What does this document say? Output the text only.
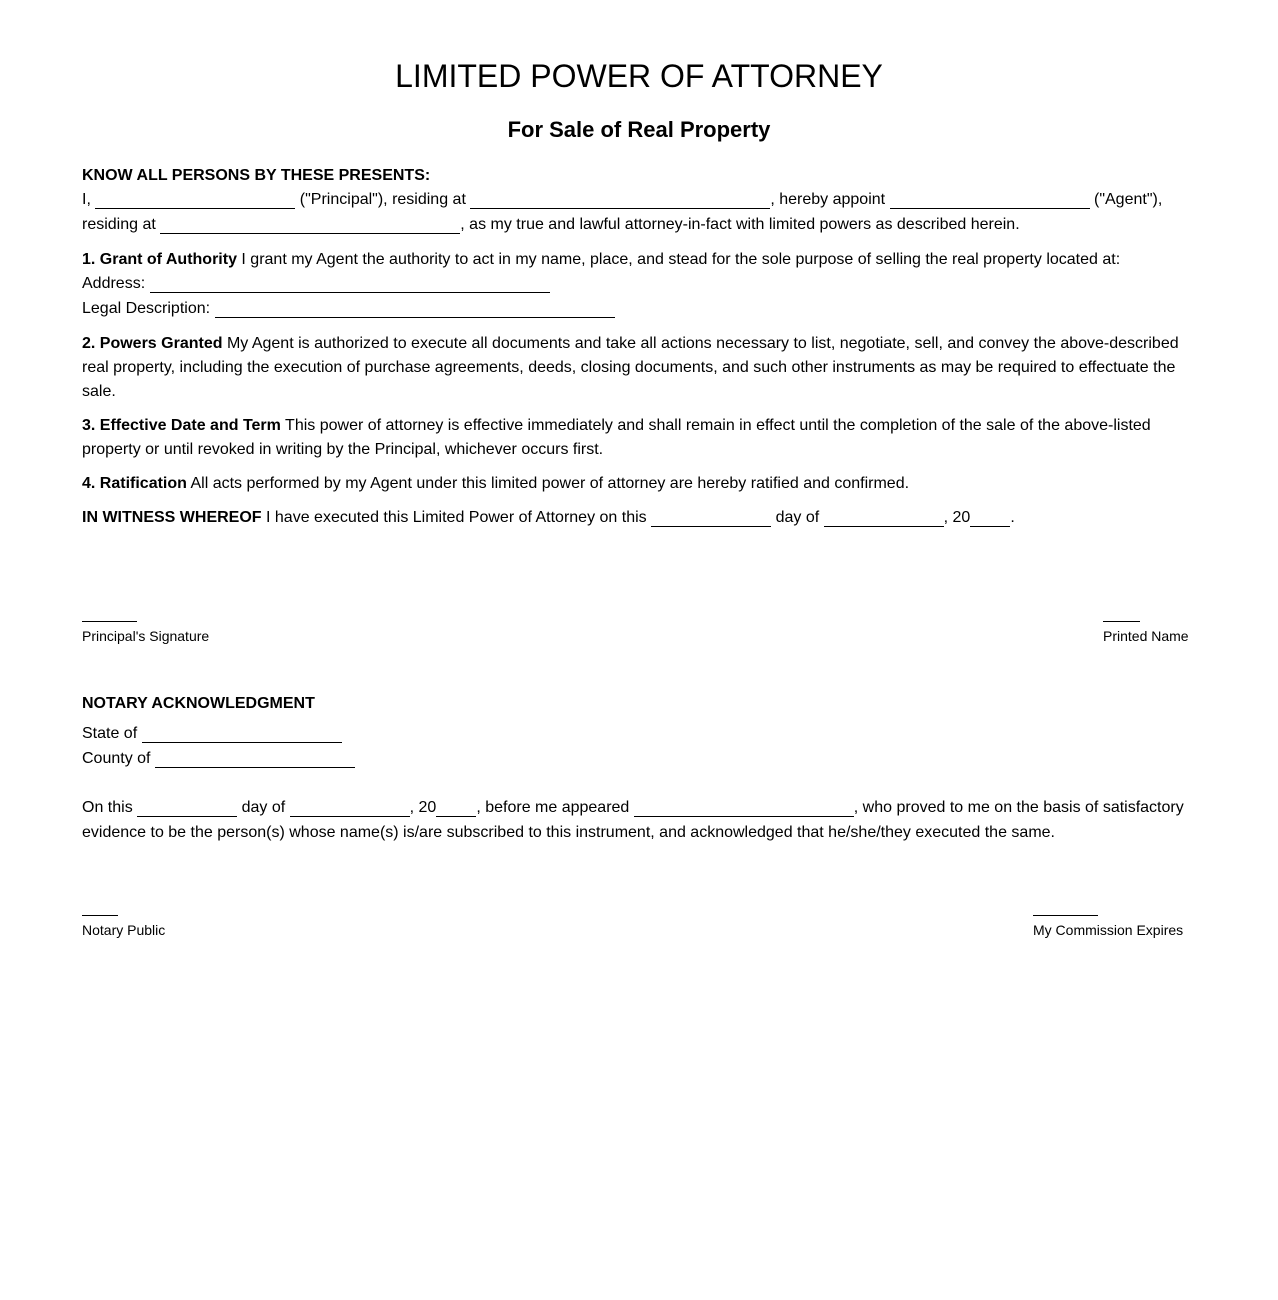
LIMITED POWER OF ATTORNEY
For Sale of Real Property
KNOW ALL PERSONS BY THESE PRESENTS:
I,	("Principal"), residing at	, hereby appoint	("Agent"),
residing at	, as my true and lawful attorney-in-fact with limited powers as described herein.
1. Grant of Authority I grant my Agent the authority to act in my name, place, and stead for the sole purpose of selling the real property located at:
Address:
Legal Description:
2. Powers Granted My Agent is authorized to execute all documents and take all actions necessary to list, negotiate, sell, and convey the above-described real property, including the execution of purchase agreements, deeds, closing documents, and such other instruments as may be required to effectuate the sale.
3. Effective Date and Term This power of attorney is effective immediately and shall remain in effect until the completion of the sale of the above-listed property or until revoked in writing by the Principal, whichever occurs first.
4. Ratification All acts performed by my Agent under this limited power of attorney are hereby ratified and confirmed.
IN WITNESS WHEREOF I have executed this Limited Power of Attorney on this	day of	, 20	.
Principal's Signature	Printed Name
NOTARY ACKNOWLEDGMENT
State of
County of
On this	day of	, 20	, before me appeared	, who proved to me on the basis of satisfactory
evidence to be the person(s) whose name(s) is/are subscribed to this instrument, and acknowledged that he/she/they executed the same.
Notary Public	My Commission Expires
